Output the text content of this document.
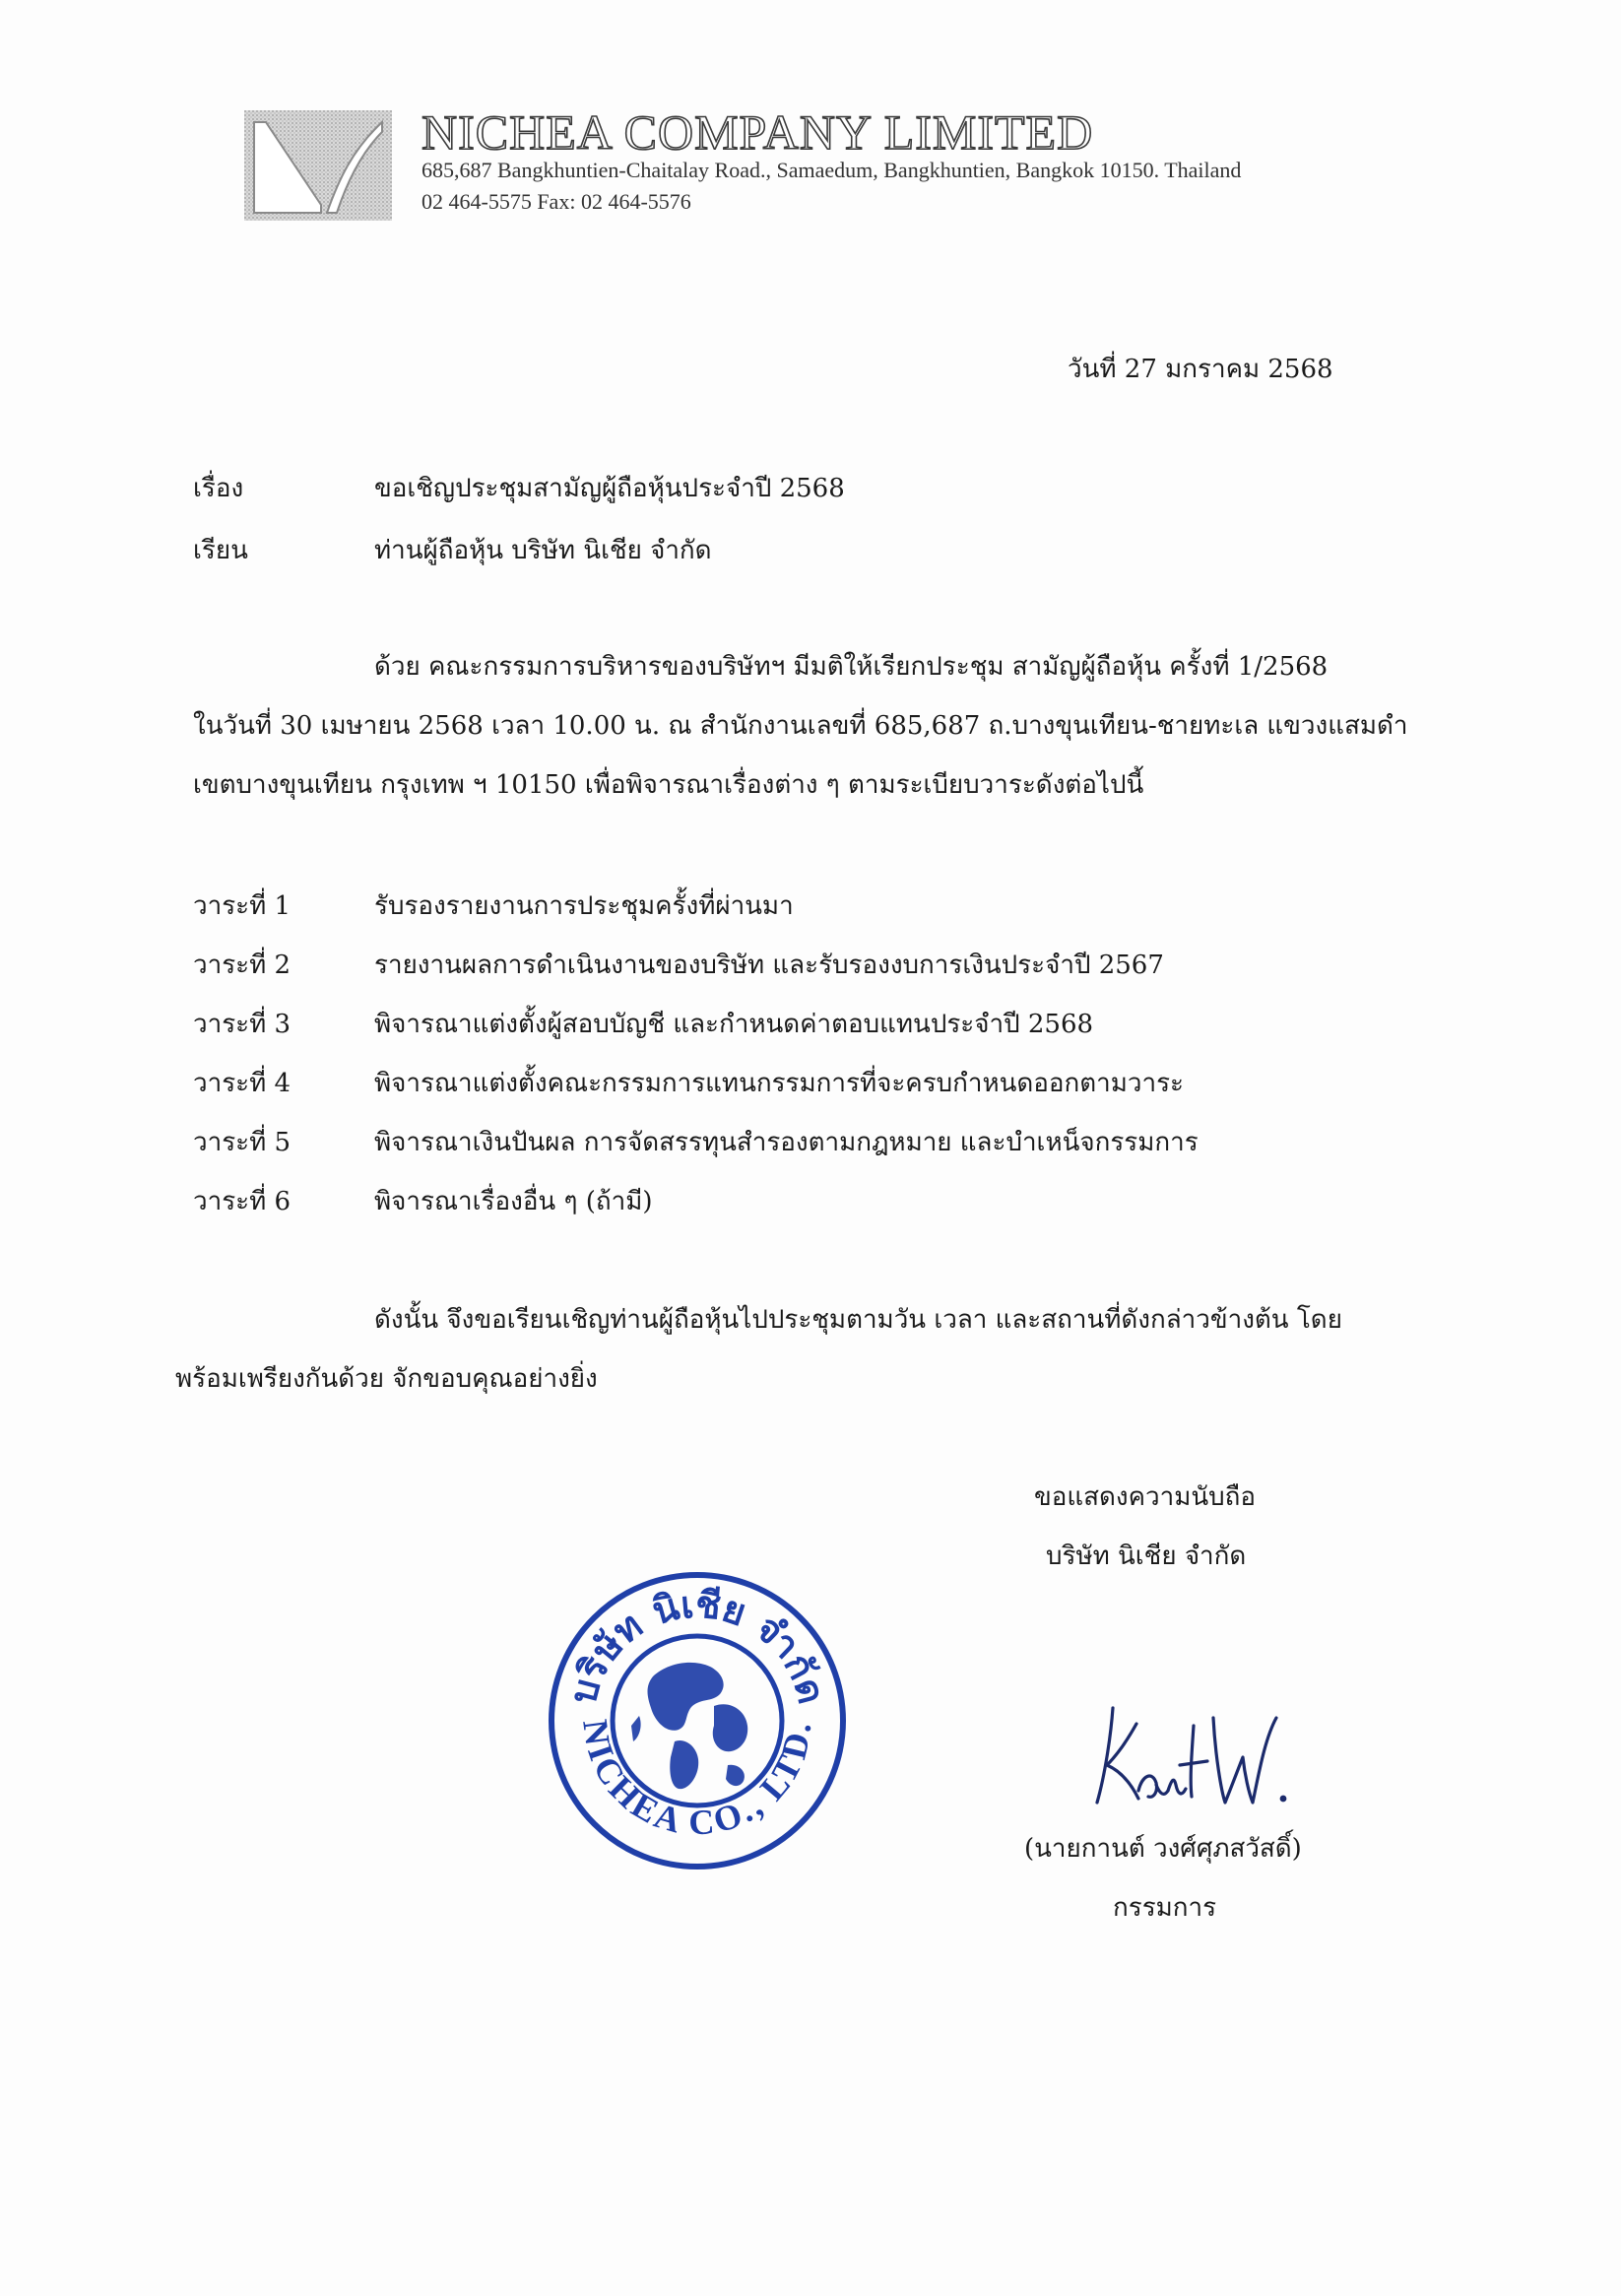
NICHEA COMPANY LIMITED
685,687 Bangkhuntien-Chaitalay Road., Samaedum, Bangkhuntien, Bangkok 10150. Thailand
02 464-5575 Fax: 02 464-5576
วันที่ 27 มกราคม 2568
เรื่อง	ขอเชิญประชุมสามัญผู้ถือหุ้นประจำปี 2568
เรียน	ท่านผู้ถือหุ้น บริษัท นิเชีย จำกัด
ด้วย คณะกรรมการบริหารของบริษัทฯ มีมติให้เรียกประชุม สามัญผู้ถือหุ้น ครั้งที่ 1/2568
ในวันที่ 30 เมษายน 2568 เวลา 10.00 น. ณ สำนักงานเลขที่ 685,687 ถ.บางขุนเทียน-ชายทะเล แขวงแสมดำ
เขตบางขุนเทียน กรุงเทพ ฯ 10150 เพื่อพิจารณาเรื่องต่าง ๆ ตามระเบียบวาระดังต่อไปนี้
วาระที่ 1	รับรองรายงานการประชุมครั้งที่ผ่านมา
วาระที่ 2	รายงานผลการดำเนินงานของบริษัท และรับรองงบการเงินประจำปี 2567
วาระที่ 3	พิจารณาแต่งตั้งผู้สอบบัญชี และกำหนดค่าตอบแทนประจำปี 2568
วาระที่ 4	พิจารณาแต่งตั้งคณะกรรมการแทนกรรมการที่จะครบกำหนดออกตามวาระ
วาระที่ 5	พิจารณาเงินปันผล การจัดสรรทุนสำรองตามกฎหมาย และบำเหน็จกรรมการ
วาระที่ 6	พิจารณาเรื่องอื่น ๆ (ถ้ามี)
ดังนั้น จึงขอเรียนเชิญท่านผู้ถือหุ้นไปประชุมตามวัน เวลา และสถานที่ดังกล่าวข้างต้น โดย
พร้อมเพรียงกันด้วย จักขอบคุณอย่างยิ่ง
ขอแสดงความนับถือ
บริษัท นิเชีย จำกัด
บริษัท นิเชีย จำกัด
NICHEA CO., LTD.
(นายกานต์ วงศ์ศุภสวัสดิ์)
กรรมการ
